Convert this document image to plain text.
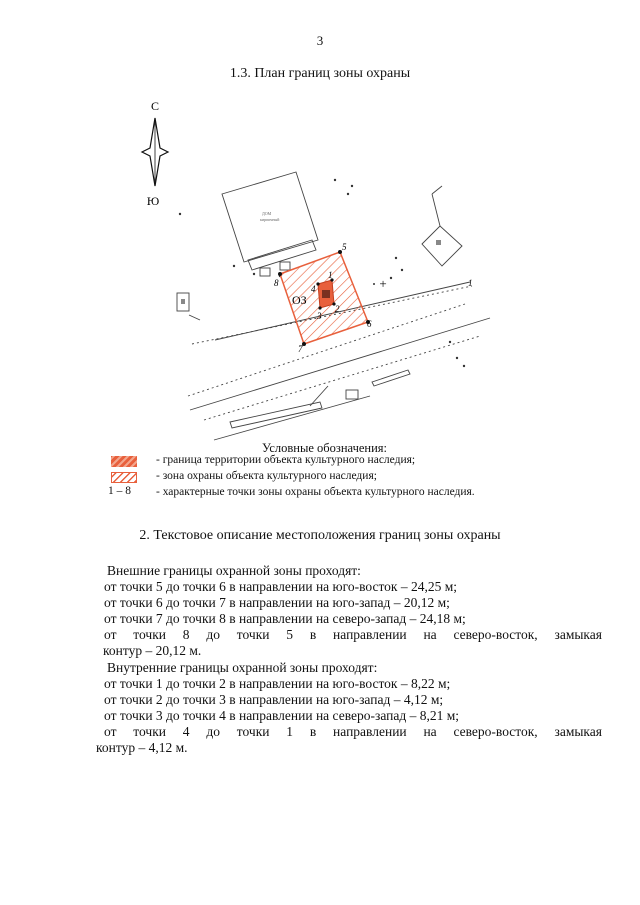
3
1.3. План границ зоны охраны
С
Ю
ДОМ
кирпичный
+	1
ОЗ
1
2
3
4
5
6
7
8
Условные обозначения:
1 – 8
- граница территории объекта культурного наследия;
- зона охраны объекта культурного наследия;
- характерные точки зоны охраны объекта культурного наследия.
2. Текстовое описание местоположения границ зоны охраны

Внешние границы охранной зоны проходят:

от точки 5 до точки 6 в направлении на юго-восток – 24,25 м;

от точки 6 до точки 7 в направлении на юго-запад – 20,12 м;

от точки 7 до точки 8 в направлении на северо-запад – 24,18 м;

от точки 8 до точки 5 в направлении на северо-восток, замыкая

контур – 20,12 м.

Внутренние границы охранной зоны проходят:

от точки 1 до точки 2 в направлении на юго-восток – 8,22 м;

от точки 2 до точки 3 в направлении на юго-запад – 4,12 м;

от точки 3 до точки 4 в направлении на северо-запад – 8,21 м;

от точки 4 до точки 1 в направлении на северо-восток, замыкая

контур – 4,12 м.
